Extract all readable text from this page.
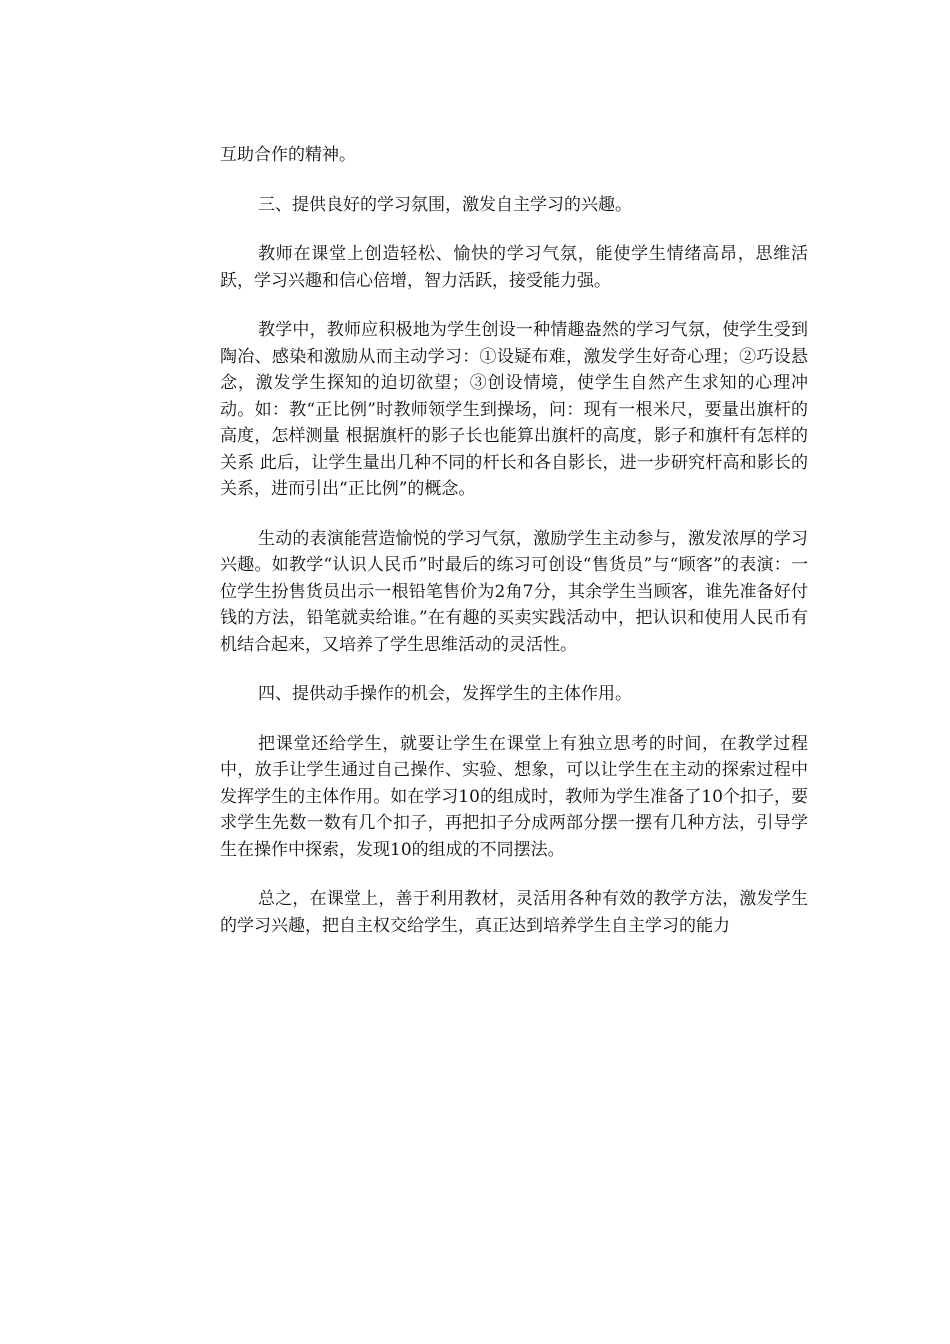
互助合作的精神。

三、提供良好的学习氛围，激发自主学习的兴趣。

教师在课堂上创造轻松、愉快的学习气氛，能使学生情绪高昂，思维活跃，学习兴趣和信心倍增，智力活跃，接受能力强。

教学中，教师应积极地为学生创设一种情趣盎然的学习气氛，使学生受到陶冶、感染和激励从而主动学习：①设疑布难，激发学生好奇心理；②巧设悬念，激发学生探知的迫切欲望；③创设情境，使学生自然产生求知的心理冲动。如：教“正比例”时教师领学生到操场，问：现有一根米尺，要量出旗杆的高度，怎样测量 根据旗杆的影子长也能算出旗杆的高度，影子和旗杆有怎样的关系 此后，让学生量出几种不同的杆长和各自影长，进一步研究杆高和影长的关系，进而引出“正比例”的概念。

生动的表演能营造愉悦的学习气氛，激励学生主动参与，激发浓厚的学习兴趣。如教学“认识人民币”时最后的练习可创设“售货员”与“顾客”的表演：一位学生扮售货员出示一根铅笔售价为2角7分，其余学生当顾客，谁先准备好付钱的方法，铅笔就卖给谁。”在有趣的买卖实践活动中，把认识和使用人民币有机结合起来，又培养了学生思维活动的灵活性。

四、提供动手操作的机会，发挥学生的主体作用。

把课堂还给学生，就要让学生在课堂上有独立思考的时间，在教学过程中，放手让学生通过自己操作、实验、想象，可以让学生在主动的探索过程中发挥学生的主体作用。如在学习10的组成时，教师为学生准备了10个扣子，要求学生先数一数有几个扣子，再把扣子分成两部分摆一摆有几种方法，引导学生在操作中探索，发现10的组成的不同摆法。

总之，在课堂上，善于利用教材，灵活用各种有效的教学方法，激发学生的学习兴趣，把自主权交给学生，真正达到培养学生自主学习的能力
